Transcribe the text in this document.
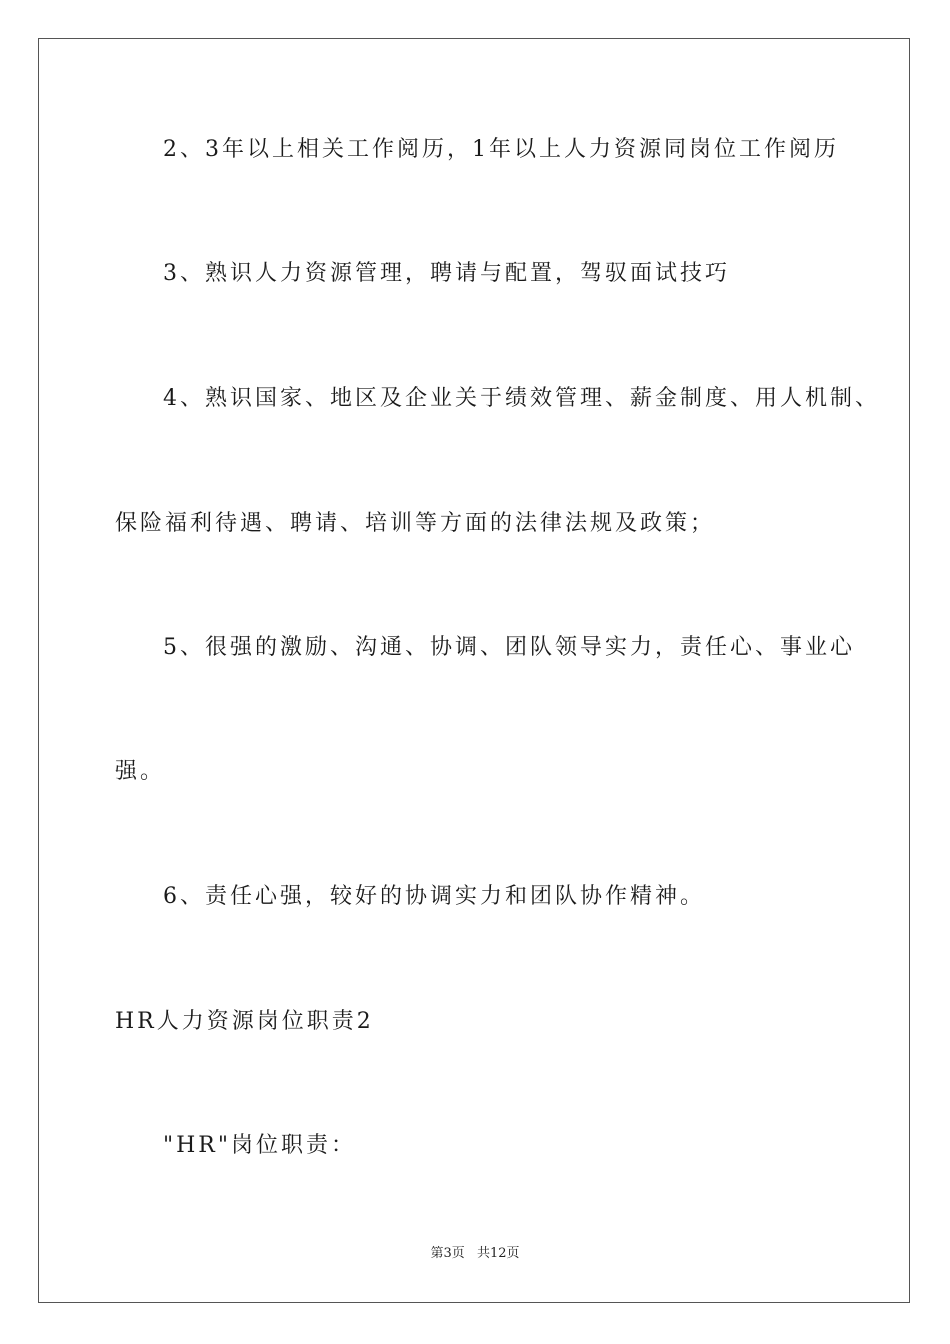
2、3年以上相关工作阅历，1年以上人力资源同岗位工作阅历
3、熟识人力资源管理，聘请与配置，驾驭面试技巧
4、熟识国家、地区及企业关于绩效管理、薪金制度、用人机制、
保险福利待遇、聘请、培训等方面的法律法规及政策；
5、很强的激励、沟通、协调、团队领导实力，责任心、事业心
强。
6、责任心强，较好的协调实力和团队协作精神。
HR人力资源岗位职责2
"HR"岗位职责：
第3页 共12页
